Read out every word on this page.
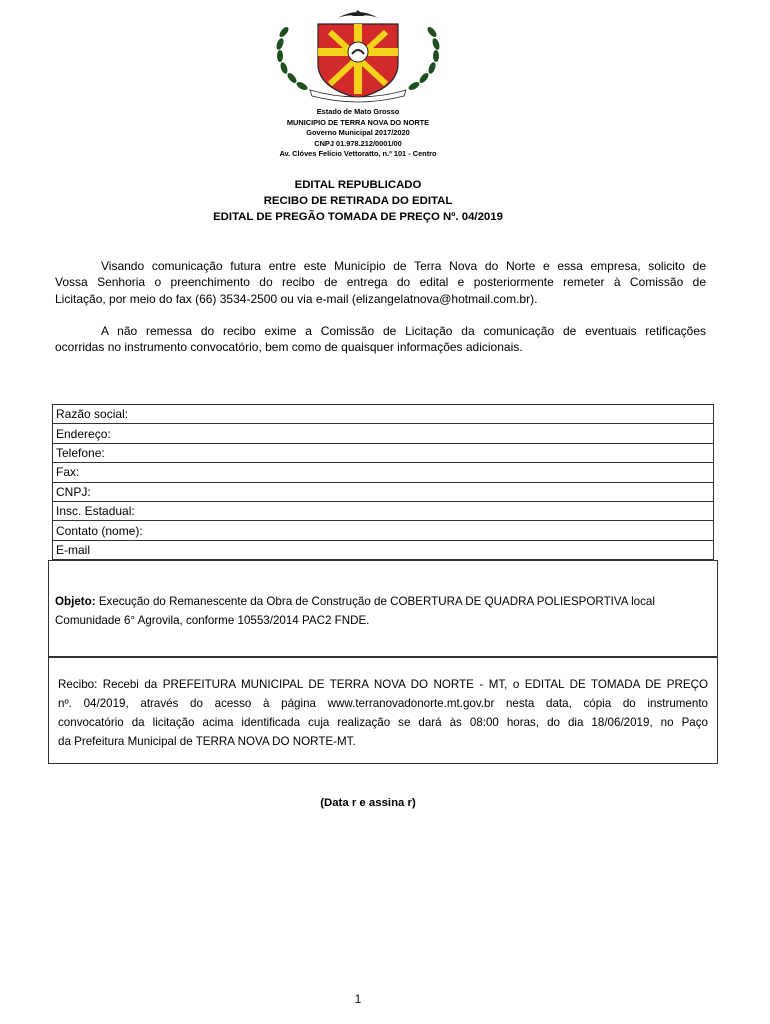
Estado de Mato Grosso
MUNICIPIO DE TERRA NOVA DO NORTE
Governo Municipal 2017/2020
CNPJ 01.978.212/0001/00
Av. Clóves Felício Vettoratto, n.º 101 - Centro
EDITAL REPUBLICADO
RECIBO DE RETIRADA DO EDITAL
EDITAL DE PREGÃO TOMADA DE PREÇO Nº. 04/2019
Visando comunicação futura entre este Município de Terra Nova do Norte e essa empresa, solicito de
Vossa Senhoria o preenchimento do recibo de entrega do edital e posteriormente remeter à Comissão de
Licitação, por meio do fax (66) 3534-2500 ou via e-mail (elizangelatnova@hotmail.com.br).
A não remessa do recibo exime a Comissão de Licitação da comunicação de eventuais retificações
ocorridas no instrumento convocatório, bem como de quaisquer informações adicionais.
Razão social:
Endereço:
Telefone:
Fax:
CNPJ:
Insc. Estadual:
Contato (nome):
E-mail
Objeto: Execução do Remanescente da Obra de Construção de COBERTURA DE QUADRA POLIESPORTIVA local
Comunidade 6° Agrovila, conforme 10553/2014 PAC2 FNDE.
Recibo: Recebi da PREFEITURA MUNICIPAL DE TERRA NOVA DO NORTE - MT, o EDITAL DE TOMADA DE PREÇO
nº. 04/2019, através do acesso à página www.terranovadonorte.mt.gov.br nesta data, cópia do instrumento
convocatório da licitação acima identificada cuja realização se dará às 08:00 horas, do dia 18/06/2019, no Paço
da Prefeitura Municipal de TERRA NOVA DO NORTE-MT.
(Data r e assina r)
1
